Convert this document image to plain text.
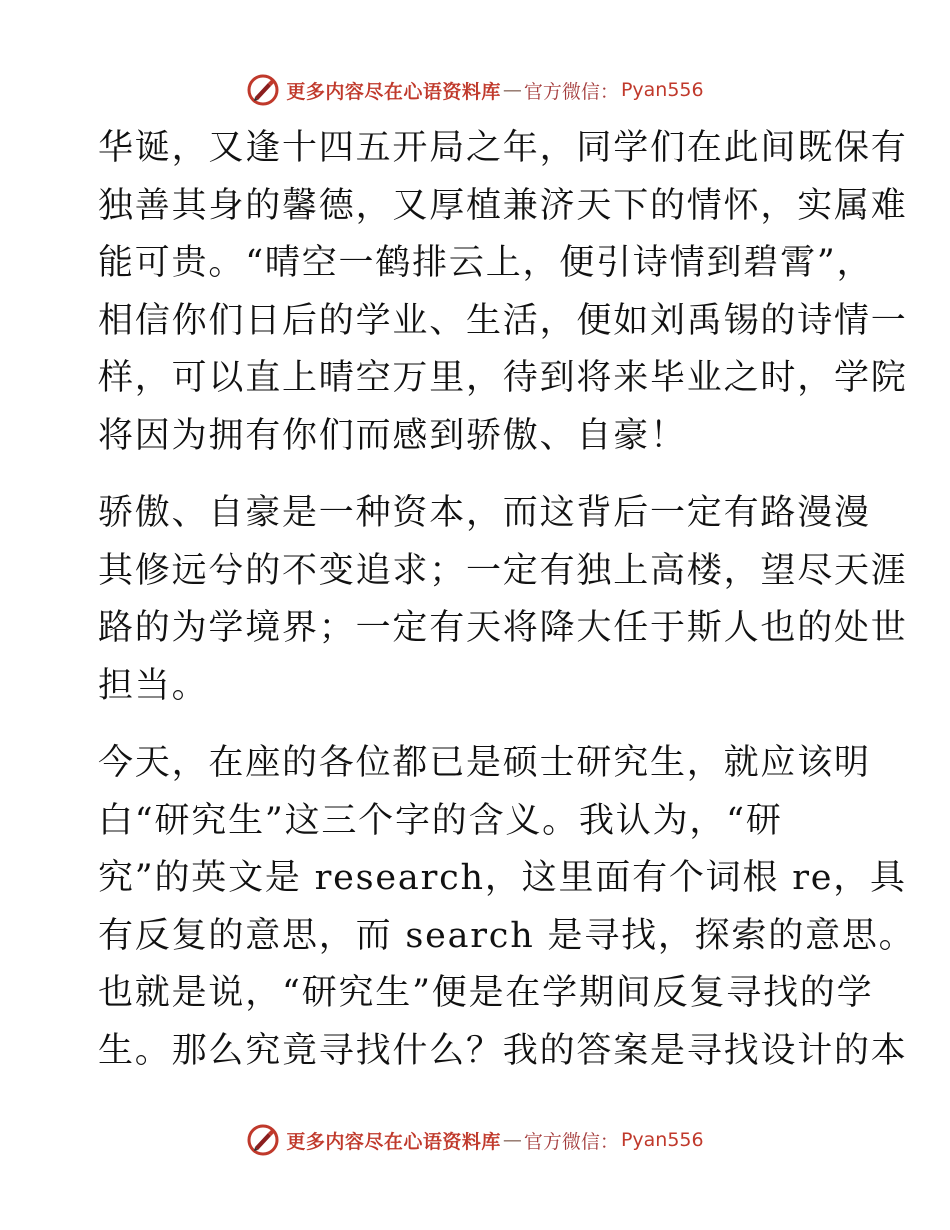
更多内容尽在心语资料库 — 官方微信： Pyan556

华诞，又逢十四五开局之年，同学们在此间既保有

独善其身的馨德，又厚植兼济天下的情怀，实属难

能可贵。“晴空一鹤排云上，便引诗情到碧霄”，

相信你们日后的学业、生活，便如刘禹锡的诗情一

样，可以直上晴空万里，待到将来毕业之时，学院

将因为拥有你们而感到骄傲、自豪！

骄傲、自豪是一种资本，而这背后一定有路漫漫

其修远兮的不变追求；一定有独上高楼，望尽天涯

路的为学境界；一定有天将降大任于斯人也的处世

担当。

今天，在座的各位都已是硕士研究生，就应该明

白“研究生”这三个字的含义。我认为，“研

究”的英文是 research，这里面有个词根 re，具

有反复的意思，而 search 是寻找，探索的意思。

也就是说，“研究生”便是在学期间反复寻找的学

生。那么究竟寻找什么？我的答案是寻找设计的本

更多内容尽在心语资料库 — 官方微信： Pyan556
